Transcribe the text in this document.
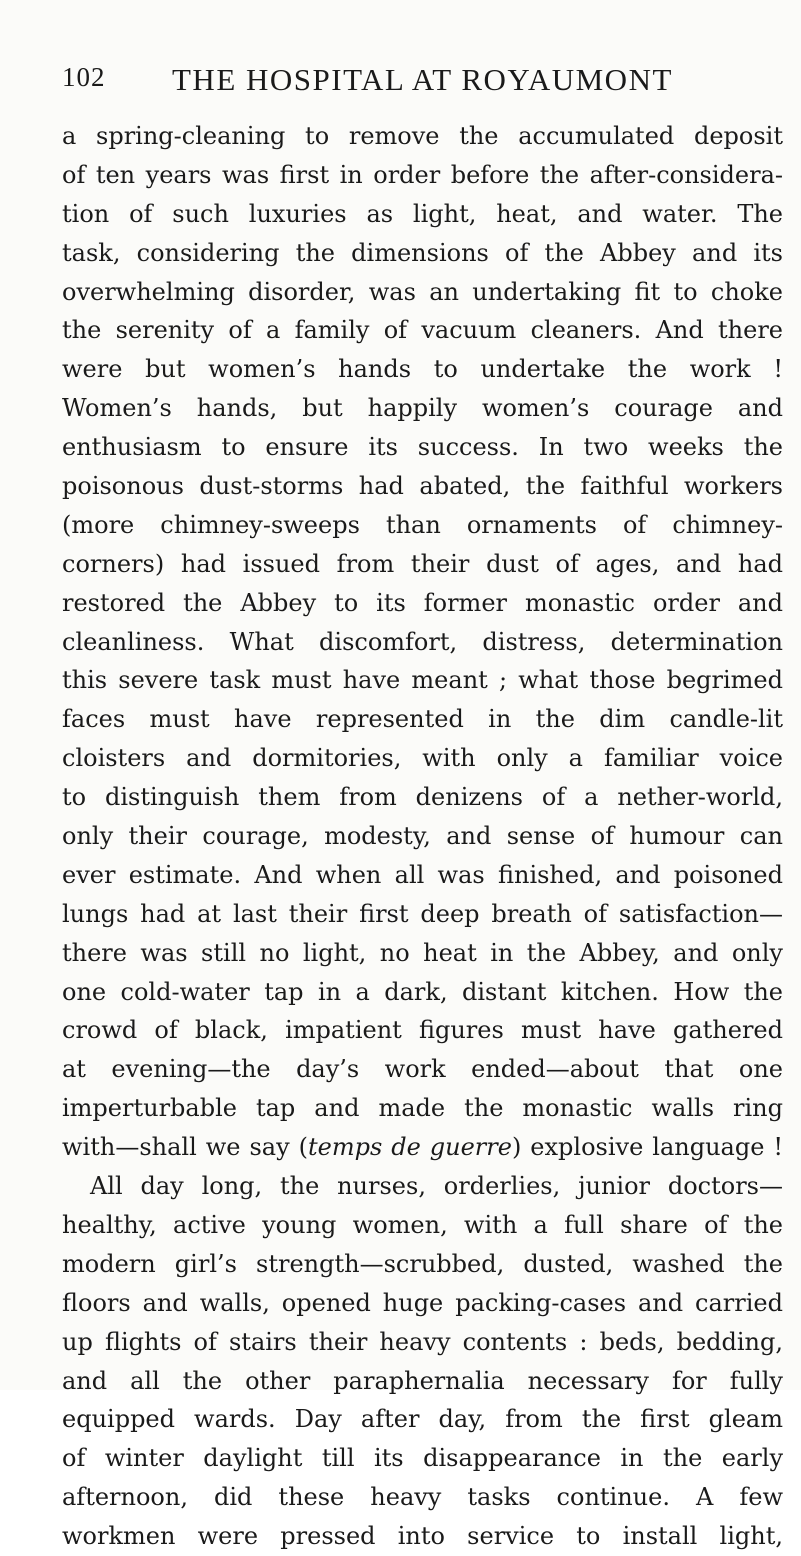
102 THE HOSPITAL AT ROYAUMONT
a spring-cleaning to remove the accumulated deposit
of ten years was first in order before the after-considera-
tion of such luxuries as light, heat, and water. The
task, considering the dimensions of the Abbey and its
overwhelming disorder, was an undertaking fit to choke
the serenity of a family of vacuum cleaners. And there
were but women’s hands to undertake the work !
Women’s hands, but happily women’s courage and
enthusiasm to ensure its success. In two weeks the
poisonous dust-storms had abated, the faithful workers
(more chimney-sweeps than ornaments of chimney-
corners) had issued from their dust of ages, and had
restored the Abbey to its former monastic order and
cleanliness. What discomfort, distress, determination
this severe task must have meant ; what those begrimed
faces must have represented in the dim candle-lit
cloisters and dormitories, with only a familiar voice
to distinguish them from denizens of a nether-world,
only their courage, modesty, and sense of humour can
ever estimate. And when all was finished, and poisoned
lungs had at last their first deep breath of satisfaction—
there was still no light, no heat in the Abbey, and only
one cold-water tap in a dark, distant kitchen. How the
crowd of black, impatient figures must have gathered
at evening—the day’s work ended—about that one
imperturbable tap and made the monastic walls ring
with—shall we say (temps de guerre) explosive language !
All day long, the nurses, orderlies, junior doctors—
healthy, active young women, with a full share of the
modern girl’s strength—scrubbed, dusted, washed the
floors and walls, opened huge packing-cases and carried
up flights of stairs their heavy contents : beds, bedding,
and all the other paraphernalia necessary for fully
equipped wards. Day after day, from the first gleam
of winter daylight till its disappearance in the early
afternoon, did these heavy tasks continue. A few
workmen were pressed into service to install light,
